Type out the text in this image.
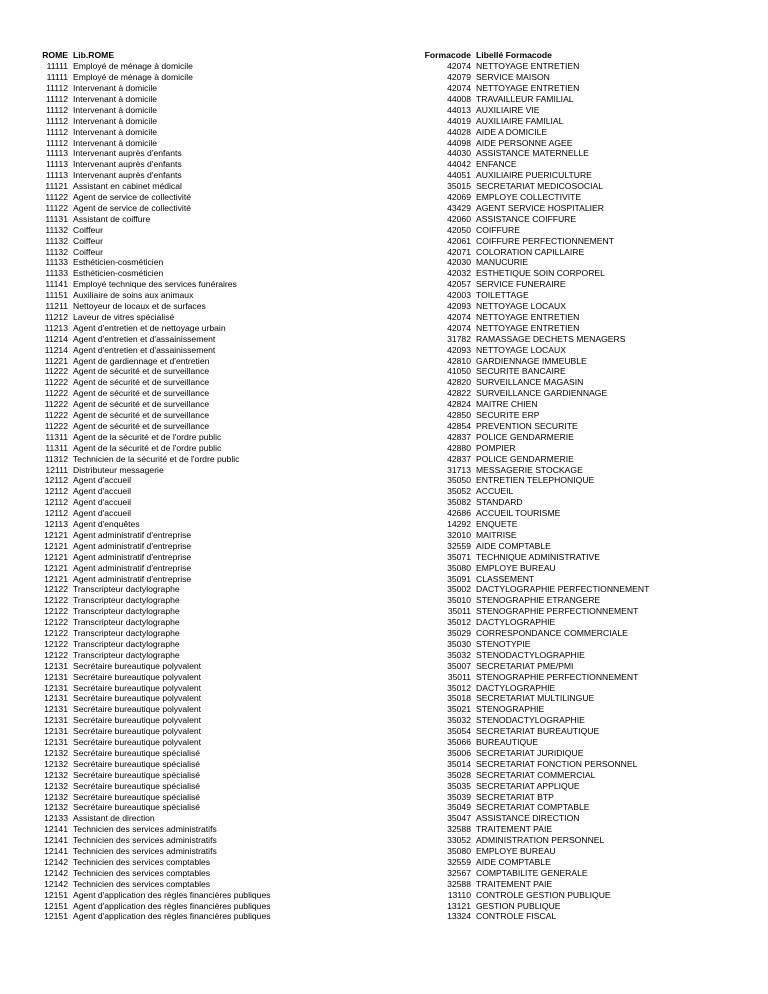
ROME Lib.ROME	Formacode Libellé Formacode
11111 Employé de ménage à domicile	42074 NETTOYAGE ENTRETIEN
11111 Employé de ménage à domicile	42079 SERVICE MAISON
11112 Intervenant à domicile	42074 NETTOYAGE ENTRETIEN
11112 Intervenant à domicile	44008 TRAVAILLEUR FAMILIAL
11112 Intervenant à domicile	44013 AUXILIAIRE VIE
11112 Intervenant à domicile	44019 AUXILIAIRE FAMILIAL
11112 Intervenant à domicile	44028 AIDE A DOMICILE
11112 Intervenant à domicile	44098 AIDE PERSONNE AGEE
11113 Intervenant auprès d'enfants	44030 ASSISTANCE MATERNELLE
11113 Intervenant auprès d'enfants	44042 ENFANCE
11113 Intervenant auprès d'enfants	44051 AUXILIAIRE PUERICULTURE
11121 Assistant en cabinet médical	35015 SECRETARIAT MEDICOSOCIAL
11122 Agent de service de collectivité	42069 EMPLOYE COLLECTIVITE
11122 Agent de service de collectivité	43429 AGENT SERVICE HOSPITALIER
11131 Assistant de coiffure	42060 ASSISTANCE COIFFURE
11132 Coiffeur	42050 COIFFURE
11132 Coiffeur	42061 COIFFURE PERFECTIONNEMENT
11132 Coiffeur	42071 COLORATION CAPILLAIRE
11133 Esthéticien-cosméticien	42030 MANUCURIE
11133 Esthéticien-cosméticien	42032 ESTHETIQUE SOIN CORPOREL
11141 Employé technique des services funéraires	42057 SERVICE FUNERAIRE
11151 Auxiliaire de soins aux animaux	42003 TOILETTAGE
11211 Nettoyeur de locaux et de surfaces	42093 NETTOYAGE LOCAUX
11212 Laveur de vitres spécialisé	42074 NETTOYAGE ENTRETIEN
11213 Agent d'entretien et de nettoyage urbain	42074 NETTOYAGE ENTRETIEN
11214 Agent d'entretien et d'assainissement	31782 RAMASSAGE DECHETS MENAGERS
11214 Agent d'entretien et d'assainissement	42093 NETTOYAGE LOCAUX
11221 Agent de gardiennage et d'entretien	42810 GARDIENNAGE IMMEUBLE
11222 Agent de sécurité et de surveillance	41050 SECURITE BANCAIRE
11222 Agent de sécurité et de surveillance	42820 SURVEILLANCE MAGASIN
11222 Agent de sécurité et de surveillance	42822 SURVEILLANCE GARDIENNAGE
11222 Agent de sécurité et de surveillance	42824 MAITRE CHIEN
11222 Agent de sécurité et de surveillance	42850 SECURITE ERP
11222 Agent de sécurité et de surveillance	42854 PREVENTION SECURITE
11311 Agent de la sécurité et de l'ordre public	42837 POLICE GENDARMERIE
11311 Agent de la sécurité et de l'ordre public	42880 POMPIER
11312 Technicien de la sécurité et de l'ordre public	42837 POLICE GENDARMERIE
12111 Distributeur messagerie	31713 MESSAGERIE STOCKAGE
12112 Agent d'accueil	35050 ENTRETIEN TELEPHONIQUE
12112 Agent d'accueil	35052 ACCUEIL
12112 Agent d'accueil	35082 STANDARD
12112 Agent d'accueil	42686 ACCUEIL TOURISME
12113 Agent d'enquêtes	14292 ENQUETE
12121 Agent administratif d'entreprise	32010 MAITRISE
12121 Agent administratif d'entreprise	32559 AIDE COMPTABLE
12121 Agent administratif d'entreprise	35071 TECHNIQUE ADMINISTRATIVE
12121 Agent administratif d'entreprise	35080 EMPLOYE BUREAU
12121 Agent administratif d'entreprise	35091 CLASSEMENT
12122 Transcripteur dactylographe	35002 DACTYLOGRAPHIE PERFECTIONNEMENT
12122 Transcripteur dactylographe	35010 STENOGRAPHIE ETRANGERE
12122 Transcripteur dactylographe	35011 STENOGRAPHIE PERFECTIONNEMENT
12122 Transcripteur dactylographe	35012 DACTYLOGRAPHIE
12122 Transcripteur dactylographe	35029 CORRESPONDANCE COMMERCIALE
12122 Transcripteur dactylographe	35030 STENOTYPIE
12122 Transcripteur dactylographe	35032 STENODACTYLOGRAPHIE
12131 Secrétaire bureautique polyvalent	35007 SECRETARIAT PME/PMI
12131 Secrétaire bureautique polyvalent	35011 STENOGRAPHIE PERFECTIONNEMENT
12131 Secrétaire bureautique polyvalent	35012 DACTYLOGRAPHIE
12131 Secrétaire bureautique polyvalent	35018 SECRETARIAT MULTILINGUE
12131 Secrétaire bureautique polyvalent	35021 STENOGRAPHIE
12131 Secrétaire bureautique polyvalent	35032 STENODACTYLOGRAPHIE
12131 Secrétaire bureautique polyvalent	35054 SECRETARIAT BUREAUTIQUE
12131 Secrétaire bureautique polyvalent	35066 BUREAUTIQUE
12132 Secrétaire bureautique spécialisé	35006 SECRETARIAT JURIDIQUE
12132 Secrétaire bureautique spécialisé	35014 SECRETARIAT FONCTION PERSONNEL
12132 Secrétaire bureautique spécialisé	35028 SECRETARIAT COMMERCIAL
12132 Secrétaire bureautique spécialisé	35035 SECRETARIAT APPLIQUE
12132 Secrétaire bureautique spécialisé	35039 SECRETARIAT BTP
12132 Secrétaire bureautique spécialisé	35049 SECRETARIAT COMPTABLE
12133 Assistant de direction	35047 ASSISTANCE DIRECTION
12141 Technicien des services administratifs	32588 TRAITEMENT PAIE
12141 Technicien des services administratifs	33052 ADMINISTRATION PERSONNEL
12141 Technicien des services administratifs	35080 EMPLOYE BUREAU
12142 Technicien des services comptables	32559 AIDE COMPTABLE
12142 Technicien des services comptables	32567 COMPTABILITE GENERALE
12142 Technicien des services comptables	32588 TRAITEMENT PAIE
12151 Agent d'application des règles financières publiques	13110 CONTROLE GESTION PUBLIQUE
12151 Agent d'application des règles financières publiques	13121 GESTION PUBLIQUE
12151 Agent d'application des règles financières publiques	13324 CONTROLE FISCAL
